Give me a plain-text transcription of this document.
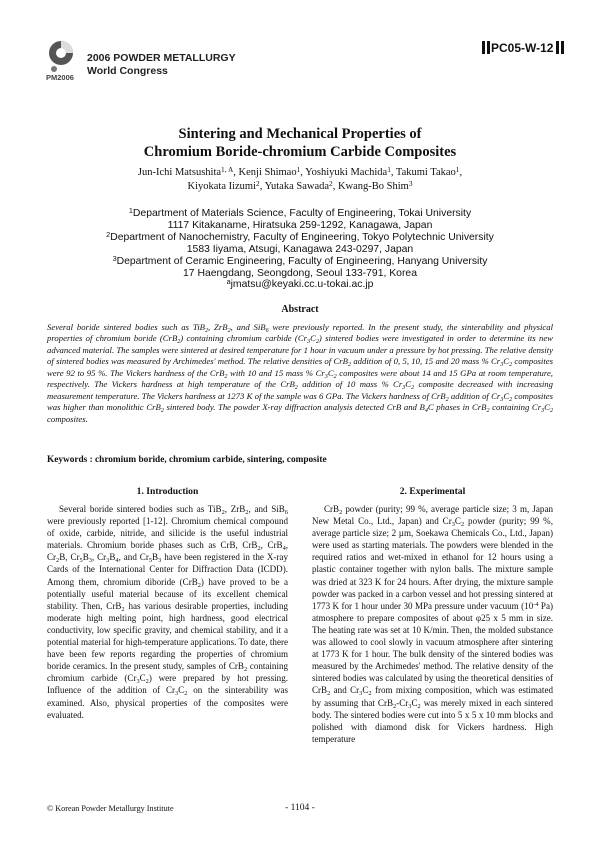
2006 POWDER METALLURGY
World Congress
PM2006
PC05-W-12
Sintering and Mechanical Properties of
Chromium Boride-chromium Carbide Composites
Jun-Ichi Matsushita$^{1, A}$, Kenji Shimao$^1$, Yoshiyuki Machida$^1$, Takumi Takao$^1$,
Kiyokata Iizumi$^2$, Yutaka Sawada$^2$, Kwang-Bo Shim$^3$
$^1$Department of Materials Science, Faculty of Engineering, Tokai University
1117 Kitakaname, Hiratsuka 259-1292, Kanagawa, Japan
$^2$Department of Nanochemistry, Faculty of Engineering, Tokyo Polytechnic University
1583 Iiyama, Atsugi, Kanagawa 243-0297, Japan
$^3$Department of Ceramic Engineering, Faculty of Engineering, Hanyang University
17 Haengdang, Seongdong, Seoul 133-791, Korea
$^a$jmatsu@keyaki.cc.u-tokai.ac.jp
Abstract
Several boride sintered bodies such as TiB$_2$, ZrB$_2$, and SiB$_6$ were previously reported. In the present study, the sinterability and physical properties of chromium boride (CrB$_2$) containing chromium carbide $(Cr_3C_2)$ sintered bodies were investigated in order to determine its new advanced material. The samples were sintered at desired temperature for 1 hour in vacuum under a pressure by hot pressing. The relative density of sintered bodies was measured by Archimedes' method. The relative densities of CrB$_2$ addition of 0, 5, 10, 15 and 20 mass % $Cr_3C_2$ composites were 92 to 95 %. The Vickers hardness of the CrB$_2$ with 10 and 15 mass % $Cr_3C_2$ composites were about 14 and 15 GPa at room temperature, respectively. The Vickers hardness at high temperature of the CrB$_2$ addition of 10 mass % $Cr_3C_2$ composite decreased with increasing measurement temperature. The Vickers hardness at 1273 K of the sample was 6 GPa. The Vickers hardness of CrB$_2$ addition of $Cr_3C_2$ composites was higher than monolithic CrB$_2$ sintered body. The powder X-ray diffraction analysis detected CrB and $B_4C$ phases in CrB$_2$ containing $Cr_3C_2$ composites.
Keywords : chromium boride, chromium carbide, sintering, composite
1. Introduction	2. Experimental

Several boride sintered bodies such as TiB$_2$, ZrB$_2$, and SiB$_6$ were previously reported [1-12]. Chromium chemical compound of oxide, carbide, nitride, and silicide is the useful industrial materials. Chromium boride phases such as CrB, CrB$_2$, CrB$_4$, $Cr_2B$, $Cr_5B_3$, $Cr_3B_4$, and $Cr_5B_3$ have been registered in the X-ray Cards of the International Center for Diffraction Data (ICDD). Among them, chromium diboride (CrB$_2$) have proved to be a potentially useful material because of its excellent chemical stability. Then, CrB$_2$ has various desirable properties, including moderate high melting point, high hardness, good electrical conductivity, low specific gravity, and chemical stability, and it a potential material for high-temperature applications. To date, there have been few reports regarding the properties of chromium boride ceramics. In the present study, samples of CrB$_2$ containing chromium carbide $(Cr_3C_2)$ were prepared by hot pressing. Influence of the addition of $Cr_3C_2$ on the sinterability was examined. Also, physical properties of the composites were evaluated.

CrB$_2$ powder (purity; 99 %, average particle size; 3 m, Japan New Metal Co., Ltd., Japan) and $Cr_3C_2$ powder (purity; 99 %, average particle size; 2 µm, Soekawa Chemicals Co., Ltd., Japan) were used as starting materials. The powders were blended in the required ratios and wet-mixed in ethanol for 12 hours using a plastic container together with nylon balls. The mixture sample was dried at 323 K for 24 hours. After drying, the mixture sample powder was packed in a carbon vessel and hot pressing sintered at 1773 K for 1 hour under 30 MPa pressure under vacuum ($10^{-4}$ Pa) atmosphere to prepare composites of about φ25 x 5 mm in size. The heating rate was set at 10 K/min. Then, the molded substance was allowed to cool slowly in vacuum atmosphere after sintering at 1773 K for 1 hour. The bulk density of the sintered bodies was measured by the Archimedes' method. The relative density of the sintered bodies was calculated by using the theoretical densities of CrB$_2$ and $Cr_3C_2$ from mixing composition, which was estimated by assuming that $CrB_2-Cr_3C_2$ was merely mixed in each sintered body. The sintered bodies were cut into 5 x 5 x 10 mm blocks and polished with diamond disk for Vickers hardness. High temperature

© Korean Powder Metallurgy Institute	- 1104 -
